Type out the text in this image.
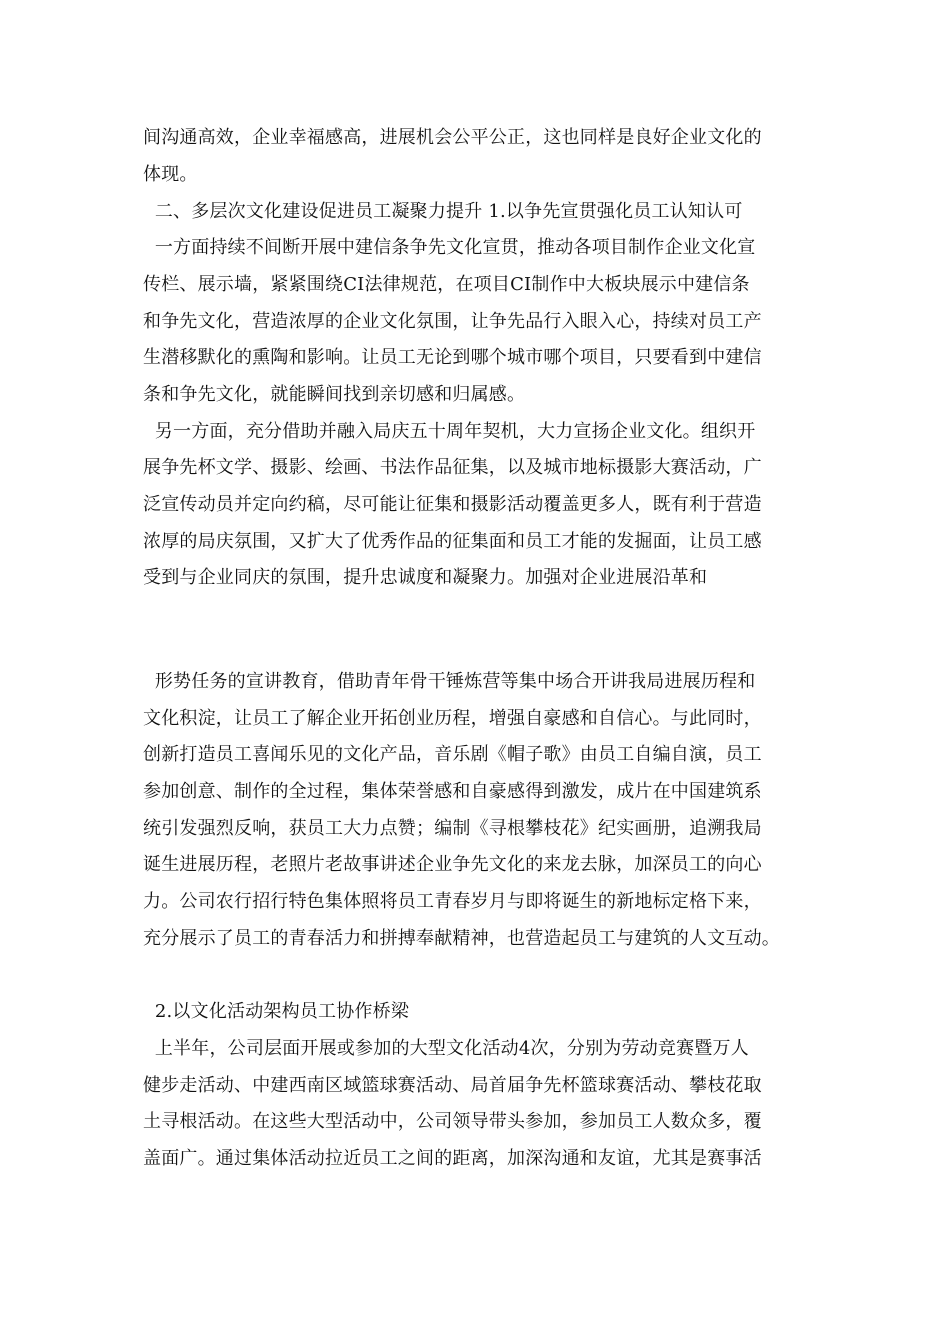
间沟通高效，企业幸福感高，进展机会公平公正，这也同样是良好企业文化的
体现。
二、多层次文化建设促进员工凝聚力提升 1.以争先宣贯强化员工认知认可
一方面持续不间断开展中建信条争先文化宣贯，推动各项目制作企业文化宣
传栏、展示墙，紧紧围绕CI法律规范，在项目CI制作中大板块展示中建信条
和争先文化，营造浓厚的企业文化氛围，让争先品行入眼入心，持续对员工产
生潜移默化的熏陶和影响。让员工无论到哪个城市哪个项目，只要看到中建信
条和争先文化，就能瞬间找到亲切感和归属感。
另一方面，充分借助并融入局庆五十周年契机，大力宣扬企业文化。组织开
展争先杯文学、摄影、绘画、书法作品征集，以及城市地标摄影大赛活动，广
泛宣传动员并定向约稿，尽可能让征集和摄影活动覆盖更多人，既有利于营造
浓厚的局庆氛围，又扩大了优秀作品的征集面和员工才能的发掘面，让员工感
受到与企业同庆的氛围，提升忠诚度和凝聚力。加强对企业进展沿革和
形势任务的宣讲教育，借助青年骨干锤炼营等集中场合开讲我局进展历程和
文化积淀，让员工了解企业开拓创业历程，增强自豪感和自信心。与此同时，
创新打造员工喜闻乐见的文化产品，音乐剧《帽子歌》由员工自编自演，员工
参加创意、制作的全过程，集体荣誉感和自豪感得到激发，成片在中国建筑系
统引发强烈反响，获员工大力点赞；编制《寻根攀枝花》纪实画册，追溯我局
诞生进展历程，老照片老故事讲述企业争先文化的来龙去脉，加深员工的向心
力。公司农行招行特色集体照将员工青春岁月与即将诞生的新地标定格下来，
充分展示了员工的青春活力和拼搏奉献精神，也营造起员工与建筑的人文互动。
2.以文化活动架构员工协作桥梁
上半年，公司层面开展或参加的大型文化活动4次，分别为劳动竞赛暨万人
健步走活动、中建西南区域篮球赛活动、局首届争先杯篮球赛活动、攀枝花取
土寻根活动。在这些大型活动中，公司领导带头参加，参加员工人数众多，覆
盖面广。通过集体活动拉近员工之间的距离，加深沟通和友谊，尤其是赛事活
